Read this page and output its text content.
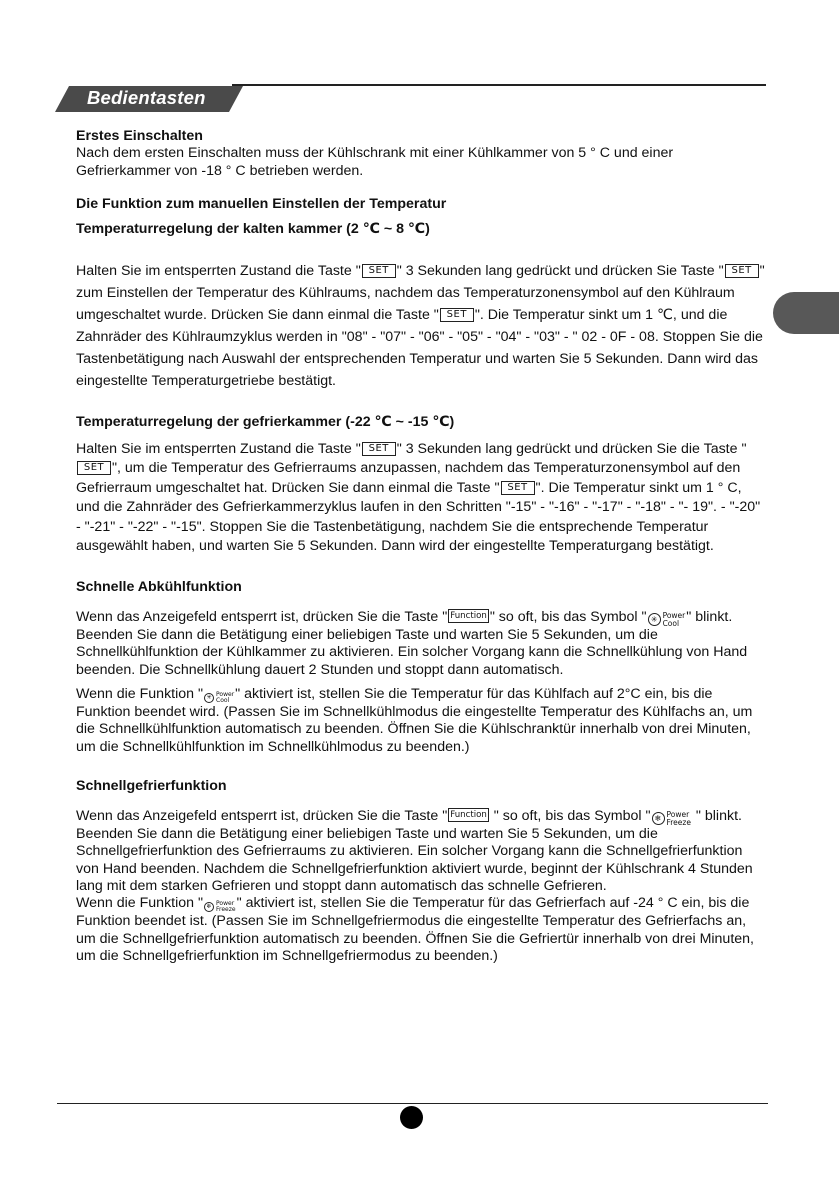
Bedientasten

Erstes Einschalten

Nach dem ersten Einschalten muss der Kühlschrank mit einer Kühlkammer von 5 ° C und einer Gefrierkammer von -18 ° C betrieben werden.

Die Funktion zum manuellen Einstellen der Temperatur

Temperaturregelung der kalten kammer (2 ℃ ~ 8 ℃)

Halten Sie im entsperrten Zustand die Taste " SET " 3 Sekunden lang gedrückt und drücken Sie Taste " SET " zum Einstellen der Temperatur des Kühlraums, nachdem das Temperaturzonensymbol auf den Kühlraum umgeschaltet wurde. Drücken Sie dann einmal die Taste " SET ". Die Temperatur sinkt um 1 ℃, und die Zahnräder des Kühlraumzyklus werden in "08" - "07" - "06" - "05" - "04" - "03" - " 02 - 0F - 08. Stoppen Sie die Tastenbetätigung nach Auswahl der entsprechenden Temperatur und warten Sie 5 Sekunden. Dann wird das eingestellte Temperaturgetriebe bestätigt.

Temperaturregelung der gefrierkammer (-22 ℃ ~ -15 ℃)

Halten Sie im entsperrten Zustand die Taste " SET " 3 Sekunden lang gedrückt und drücken Sie die Taste "SET ", um die Temperatur des Gefrierraums anzupassen, nachdem das Temperaturzonensymbol auf den Gefrierraum umgeschaltet hat. Drücken Sie dann einmal die Taste " SET ". Die Temperatur sinkt um 1 ° C, und die Zahnräder des Gefrierkammerzyklus laufen in den Schritten "-15" - "-16" - "-17" - "-18" - "- 19". - "-20" - "-21" - "-22" - "-15". Stoppen Sie die Tastenbetätigung, nachdem Sie die entsprechende Temperatur ausgewählt haben, und warten Sie 5 Sekunden. Dann wird der eingestellte Temperaturgang bestätigt.

Schnelle Abkühlfunktion

Wenn das Anzeigefeld entsperrt ist, drücken Sie die Taste " Function " so oft, bis das Symbol " ✳ Power
Cool " blinkt. Beenden Sie dann die Betätigung einer beliebigen Taste und warten Sie 5 Sekunden, um die Schnellkühlfunktion der Kühlkammer zu aktivieren. Ein solcher Vorgang kann die Schnellkühlung von Hand beenden. Die Schnellkühlung dauert 2 Stunden und stoppt dann automatisch.

Wenn die Funktion " ✳ Power
Cool " aktiviert ist, stellen Sie die Temperatur für das Kühlfach auf 2°C ein, bis die Funktion beendet wird. (Passen Sie im Schnellkühlmodus die eingestellte Temperatur des Kühlfachs an, um die Schnellkühlfunktion automatisch zu beenden. Öffnen Sie die Kühlschranktür innerhalb von drei Minuten, um die Schnellkühlfunktion im Schnellkühlmodus zu beenden.)

Schnellgefrierfunktion

Wenn das Anzeigefeld entsperrt ist, drücken Sie die Taste " Function " so oft, bis das Symbol " ❄ Power
Freeze " blinkt. Beenden Sie dann die Betätigung einer beliebigen Taste und warten Sie 5 Sekunden, um die Schnellgefrierfunktion des Gefrierraums zu aktivieren. Ein solcher Vorgang kann die Schnellgefrierfunktion von Hand beenden. Nachdem die Schnellgefrierfunktion aktiviert wurde, beginnt der Kühlschrank 4 Stunden lang mit dem starken Gefrieren und stoppt dann automatisch das schnelle Gefrieren.

Wenn die Funktion " ❄ Power
Freeze " aktiviert ist, stellen Sie die Temperatur für das Gefrierfach auf -24 ° C ein, bis die Funktion beendet ist. (Passen Sie im Schnellgefriermodus die eingestellte Temperatur des Gefrierfachs an, um die Schnellgefrierfunktion automatisch zu beenden. Öffnen Sie die Gefriertür innerhalb von drei Minuten, um die Schnellgefrierfunktion im Schnellgefriermodus zu beenden.)
